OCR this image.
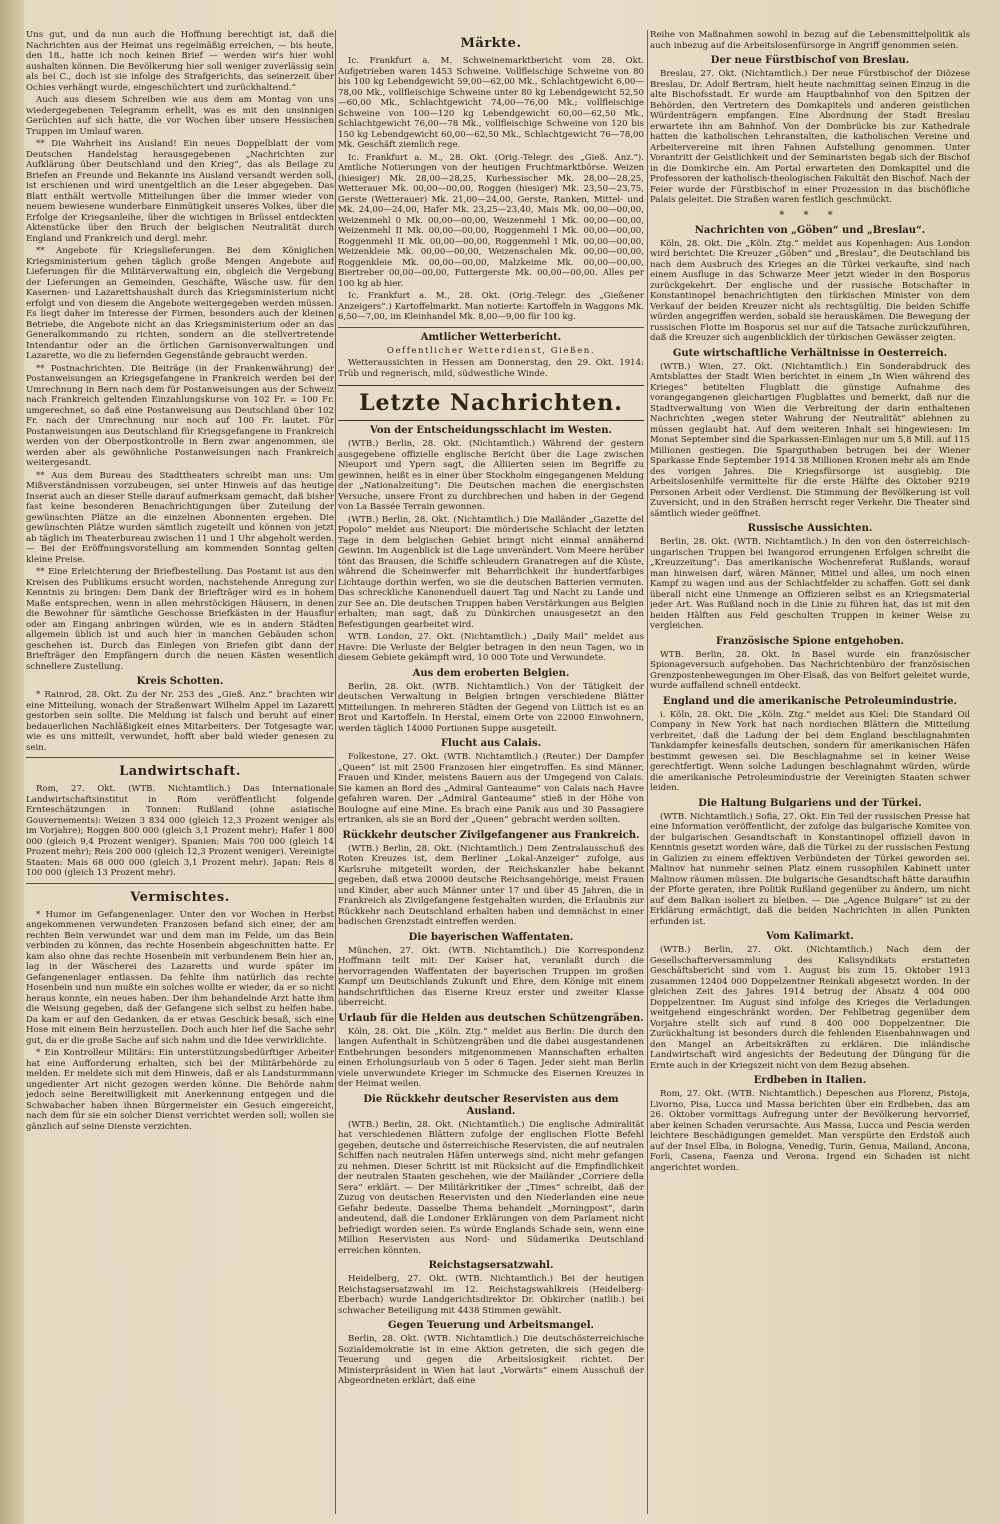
Uns gut, und da nun auch die Hoffnung berechtigt ist, daß die Nachrichten aus der Heimat uns regelmäßig erreichen, — bis heute, den 18., hatte ich noch keinen Brief — werden wir's hier wohl aushalten können. Die Bevölkerung hier soll weniger zuverlässig sein als bei C., doch ist sie infolge des Strafgerichts, das seinerzeit über Ochies verhängt wurde, eingeschüchtert und zurückhaltend.“

Auch aus diesem Schreiben wie aus dem am Montag von uns wiedergegebenen Telegramm erhellt, was es mit den unsinnigen Gerüchten auf sich hatte, die vor Wochen über unsere Hessischen Truppen im Umlauf waren.

** Die Wahrheit ins Ausland! Ein neues Doppelblatt der vom Deutschen Handelstag herausgegebenen „Nachrichten zur Aufklärung über Deutschland und den Krieg“, das als Beilage zu Briefen an Freunde und Bekannte ins Ausland versandt werden soll, ist erschienen und wird unentgeltlich an die Leser abgegeben. Das Blatt enthält wertvolle Mitteilungen über die immer wieder von neuem bewiesene wunderbare Einmütigkeit unseres Volkes, über die Erfolge der Kriegsanleihe, über die wichtigen in Brüssel entdeckten Aktenstücke über den Bruch der belgischen Neutralität durch England und Frankreich und dergl. mehr.

** Angebote für Kriegslieferungen. Bei dem Königlichen Kriegsministerium gehen täglich große Mengen Angebote auf Lieferungen für die Militärverwaltung ein, obgleich die Vergebung der Lieferungen an Gemeinden, Geschäfte, Wäsche usw. für den Kasernen- und Lazarettshaushalt durch das Kriegsministerium nicht erfolgt und von diesem die Angebote weitergegeben werden müssen. Es liegt daher im Interesse der Firmen, besonders auch der kleinen Betriebe, die Angebote nicht an das Kriegsministerium oder an das Generalkommando zu richten, sondern an die stellvertretende Intendantur oder an die örtlichen Garnisonverwaltungen und Lazarette, wo die zu liefernden Gegenstände gebraucht werden.

** Postnachrichten. Die Beiträge (in der Frankenwährung) der Postanweisungen an Kriegsgefangene in Frankreich werden bei der Umrechnung in Bern nach dem für Postanweisungen aus der Schweiz nach Frankreich geltenden Einzahlungskurse von 102 Fr. = 100 Fr. umgerechnet, so daß eine Postanweisung aus Deutschland über 102 Fr. nach der Umrechnung nur noch auf 100 Fr. lautet. Für Postanweisungen aus Deutschland für Kriegsgefangene in Frankreich werden von der Oberpostkontrolle in Bern zwar angenommen, sie werden aber als gewöhnliche Postanweisungen nach Frankreich weitergesandt.

** Aus dem Bureau des Stadttheaters schreibt man uns: Um Mißverständnissen vorzubeugen, sei unter Hinweis auf das heutige Inserat auch an dieser Stelle darauf aufmerksam gemacht, daß bisher fast keine besonderen Benachrichtigungen über Zuteilung der gewünschten Plätze an die einzelnen Abonnenten ergehen. Die gewünschten Plätze wurden sämtlich zugeteilt und können von jetzt ab täglich im Theaterbureau zwischen 11 und 1 Uhr abgeholt werden. — Bei der Eröffnungsvorstellung am kommenden Sonntag gelten kleine Preise.

** Eine Erleichterung der Briefbestellung. Das Postamt ist aus den Kreisen des Publikums ersucht worden, nachstehende Anregung zur Kenntnis zu bringen: Dem Dank der Briefträger wird es in hohem Maße entsprechen, wenn in allen mehrstöckigen Häusern, in denen die Bewohner für sämtliche Geschosse Briefkästen in der Hausflur oder am Eingang anbringen würden, wie es in andern Städten allgemein üblich ist und auch hier in manchen Gebäuden schon geschehen ist. Durch das Einlegen von Briefen gibt dann der Briefträger den Empfängern durch die neuen Kästen wesentlich schnellere Zustellung.

Kreis Schotten.

* Rainrod, 28. Okt. Zu der Nr. 253 des „Gieß. Anz.“ brachten wir eine Mitteilung, wonach der Straßenwart Wilhelm Appel im Lazarett gestorben sein sollte. Die Meldung ist falsch und beruht auf einer bedauerlichen Nachläßigkeit eines Mitarbeiters. Der Totgesagte war, wie es uns mitteilt, verwundet, hofft aber bald wieder genesen zu sein.

Landwirtschaft.

Rom, 27. Okt. (WTB. Nichtamtlich.) Das Internationale Landwirtschaftsinstitut in Rom veröffentlicht folgende Ernteschätzungen in Tonnen: Rußland (ohne asiatische Gouvernements): Weizen 3 834 000 (gleich 12,3 Prozent weniger als im Vorjahre); Roggen 800 000 (gleich 3,1 Prozent mehr); Hafer 1 800 000 (gleich 9,4 Prozent weniger). Spanien: Mais 700 000 (gleich 14 Prozent mehr); Reis 200 000 (gleich 12,3 Prozent weniger). Vereinigte Staaten: Mais 68 000 000 (gleich 3,1 Prozent mehr). Japan: Reis 8 100 000 (gleich 13 Prozent mehr).

Vermischtes.

* Humor im Gefangenenlager. Unter den vor Wochen in Herbst angekommenen verwundeten Franzosen befand sich einer, der am rechten Bein verwundet war und dem man im Felde, um das Bein verbinden zu können, das rechte Hosenbein abgeschnitten hatte. Er kam also ohne das rechte Hosenbein mit verbundenem Bein hier an, lag in der Wäscherei des Lazaretts und wurde später im Gefangenenlager entlassen. Da fehlte ihm natürlich das rechte Hosenbein und nun mußte ein solches wollte er wieder, da er so nicht heraus konnte, ein neues haben. Der ihm behandelnde Arzt hatte ihm die Weisung gegeben, daß der Gefangene sich selbst zu helfen habe. Da kam er auf den Gedanken, da er etwas Geschick besaß, sich eine Hose mit einem Bein herzustellen. Doch auch hier lief die Sache sehr gut, da er die große Sache auf sich nahm und die Idee verwirklichte.

* Ein Kontrolleur Militärs: Ein unterstützungsbedürftiger Arbeiter hat eine Aufforderung erhalten, sich bei der Militärbehörde zu melden. Er meldete sich mit dem Hinweis, daß er als Landsturmmann ungedienter Art nicht gezogen werden könne. Die Behörde nahm jedoch seine Bereitwilligkeit mit Anerkennung entgegen und die Schwabacher haben ihnen Bürgermeister ein Gesuch eingereicht, nach dem für sie ein solcher Dienst verrichtet werden soll; wollen sie gänzlich auf seine Dienste verzichten.

Märkte.

Ic. Frankfurt a. M. Schweinemarktbericht vom 28. Okt. Aufgetrieben waren 1453 Schweine. Vollfleischige Schweine von 80 bis 100 kg Lebendgewicht 59,00—62,00 Mk., Schlachtgewicht 6,00—78,00 Mk., vollfleischige Schweine unter 80 kg Lebendgewicht 52,50—60,00 Mk., Schlachtgewicht 74,00—76,00 Mk.; vollfleischige Schweine von 100—120 kg Lebendgewicht 60,00—62,50 Mk., Schlachtgewicht 76,00—78 Mk., vollfleischige Schweine von 120 bis 150 kg Lebendgewicht 60,00—62,50 Mk., Schlachtgewicht 76—78,00 Mk. Geschäft ziemlich rege.

Ic. Frankfurt a. M., 28. Okt. (Orig.-Telegr. des „Gieß. Anz.“). Amtliche Notierungen von der heutigen Fruchtmarktbörse. Weizen (hiesiger) Mk. 28,00—28,25, Kurhessischer Mk. 28,00—28,25, Wetterauer Mk. 00,00—00,00, Roggen (hiesiger) Mk. 23,50—23,75, Gerste (Wetterauer) Mk. 21,00—24,00, Gerste, Ranken, Mittel- und Mk. 24,00—24,00, Hafer Mk. 23,25—23,40, Mais Mk. 00,00—00,00, Weizenmehl 0 Mk. 00,00—00,00, Weizenmehl 1 Mk. 00,00—00,00, Weizenmehl II Mk. 00,00—00,00, Roggenmehl I Mk. 00,00—00,00, Roggenmehl II Mk. 00,00—00,00, Roggenmehl I Mk. 00,00—00,00, Weizenkleie Mk. 00,00—00,00, Weizenschalen Mk. 00,00—00,00, Roggenkleie Mk. 00,00—00,00, Malzkeime Mk. 00,00—00,00, Biertreber 00,00—00,00, Futtergerste Mk. 00,00—00,00. Alles per 100 kg ab hier.

Ic. Frankfurt a. M., 28. Okt. (Orig.-Telegr. des „Gießener Anzeigers“.) Kartoffelmarkt. Man notierte: Kartoffeln in Waggons Mk. 6,50—7,00, im Kleinhandel Mk. 8,00—9,00 für 100 kg.

Amtlicher Wetterbericht.

Oeffentlicher Wetterdienst, Gießen.

Wetteraussichten in Hessen am Donnerstag, den 29. Okt. 1914: Trüb und regnerisch, mild, südwestliche Winde.

Letzte Nachrichten.
Von der Entscheidungsschlacht im Westen.

(WTB.) Berlin, 28. Okt. (Nichtamtlich.) Während der gestern ausgegebene offizielle englische Bericht über die Lage zwischen Nieuport und Ypern sagt, die Alliierten seien im Begriffe zu gewinnen, heißt es in einer über Stockholm eingegangenen Meldung der „Nationalzeitung“: Die Deutschen machen die energischsten Versuche, unsere Front zu durchbrechen und haben in der Gegend von La Bassée Terrain gewonnen.

(WTB.) Berlin, 28. Okt. (Nichtamtlich.) Die Mailänder „Gazette del Popolo“ meldet aus Nieuport: Die mörderische Schlacht der letzten Tage in dem belgischen Gebiet bringt nicht einmal annähernd Gewinn. Im Augenblick ist die Lage unverändert. Vom Meere herüber tönt das Brausen, die Schiffe schleudern Granatregen auf die Küste, während die Scheinwerfer mit Beharrlichkeit ihr hundertfarbiges Lichtauge dorthin werfen, wo sie die deutschen Batterien vermuten. Das schreckliche Kanonenduell dauert Tag und Nacht zu Lande und zur See an. Die deutschen Truppen haben Verstärkungen aus Belgien erhalten; man sagt, daß zu Dünkirchen unausgesetzt an den Befestigungen gearbeitet wird.

WTB. London, 27. Okt. (Nichtamtlich.) „Daily Mail“ meldet aus Havre: Die Verluste der Belgier betragen in den neun Tagen, wo in diesem Gebiete gekämpft wird, 10 000 Tote und Verwundete.

Aus dem eroberten Belgien.

Berlin, 28. Okt. (WTB. Nichtamtlich.) Von der Tätigkeit der deutschen Verwaltung in Belgien bringen verschiedene Blätter Mitteilungen. In mehreren Städten der Gegend von Lüttich ist es an Brot und Kartoffeln. In Herstal, einem Orte von 22000 Einwohnern, werden täglich 14000 Portionen Suppe ausgeteilt.

Flucht aus Calais.

Folkestone, 27. Okt. (WTB. Nichtamtlich.) (Reuter.) Der Dampfer „Queen“ ist mit 2500 Franzosen hier eingetroffen. Es sind Männer, Frauen und Kinder, meistens Bauern aus der Umgegend von Calais. Sie kamen an Bord des „Admiral Ganteaume“ von Calais nach Havre gefahren waren. Der „Admiral Ganteaume“ stieß in der Höhe von Boulogne auf eine Mine. Es brach eine Panik aus und 30 Passagiere ertranken, als sie an Bord der „Queen“ gebracht werden sollten.

Rückkehr deutscher Zivilgefangener aus Frankreich.

(WTB.) Berlin, 28. Okt. (Nichtamtlich.) Dem Zentralausschuß des Roten Kreuzes ist, dem Berliner „Lokal-Anzeiger“ zufolge, aus Karlsruhe mitgeteilt worden, der Reichskanzler habe bekannt gegeben, daß etwa 20000 deutsche Reichsangehörige, meist Frauen und Kinder, aber auch Männer unter 17 und über 45 Jahren, die in Frankreich als Zivilgefangene festgehalten wurden, die Erlaubnis zur Rückkehr nach Deutschland erhalten haben und demnächst in einer badischen Grenzstadt eintreffen werden.

Die bayerischen Waffentaten.

München, 27. Okt. (WTB. Nichtamtlich.) Die Korrespondenz Hoffmann teilt mit: Der Kaiser hat, veranlaßt durch die hervorragenden Waffentaten der bayerischen Truppen im großen Kampf um Deutschlands Zukunft und Ehre, dem Könige mit einem handschriftlichen das Eiserne Kreuz erster und zweiter Klasse überreicht.

Urlaub für die Helden aus deutschen Schützengräben.

Köln, 28. Okt. Die „Köln. Ztg.“ meldet aus Berlin: Die durch den langen Aufenthalt in Schützengräben und die dabei ausgestandenen Entbehrungen besonders mitgenommenen Mannschaften erhalten einen Erholungsurlaub von 5 oder 6 Tagen. Jeder sieht man Berlin viele unverwundete Krieger im Schmucke des Eisernen Kreuzes in der Heimat weilen.

Die Rückkehr deutscher Reservisten aus dem Ausland.

(WTB.) Berlin, 28. Okt. (Nichtamtlich.) Die englische Admiralität hat verschiedenen Blättern zufolge der englischen Flotte Befehl gegeben, deutsche und österreichische Reservisten, die auf neutralen Schiffen nach neutralen Häfen unterwegs sind, nicht mehr gefangen zu nehmen. Dieser Schritt ist mit Rücksicht auf die Empfindlichkeit der neutralen Staaten geschehen, wie der Mailänder „Corriere della Sera“ erklärt. — Der Militärkritiker der „Times“ schreibt, daß der Zuzug von deutschen Reservisten und den Niederlanden eine neue Gefahr bedeute. Dasselbe Thema behandelt „Morningpost“, darin andeutend, daß die Londoner Erklärungen von dem Parlament nicht befriedigt worden seien. Es würde Englands Schade sein, wenn eine Million Reservisten aus Nord- und Südamerika Deutschland erreichen könnten.

Reichstagsersatzwahl.

Heidelberg, 27. Okt. (WTB. Nichtamtlich.) Bei der heutigen Reichstagsersatzwahl im 12. Reichstagswahlkreis (Heidelberg-Eberbach) wurde Landgerichtsdirektor Dr. Obkircher (natlib.) bei schwacher Beteiligung mit 4438 Stimmen gewählt.

Gegen Teuerung und Arbeitsmangel.

Berlin, 28. Okt. (WTB. Nichtamtlich.) Die deutschösterreichische Sozialdemokratie ist in eine Aktion getreten, die sich gegen die Teuerung und gegen die Arbeitslosigkeit richtet. Der Ministerpräsident in Wien hat laut „Vorwärts“ einem Ausschuß der Abgeordneten erklärt, daß eine

Reihe von Maßnahmen sowohl in bezug auf die Lebensmittelpolitik als auch inbezug auf die Arbeitslosenfürsorge in Angriff genommen seien.

Der neue Fürstbischof von Breslau.

Breslau, 27. Okt. (Nichtamtlich.) Der neue Fürstbischof der Diözese Breslau, Dr. Adolf Bertram, hielt heute nachmittag seinen Einzug in die alte Bischofsstadt. Er wurde am Hauptbahnhof von den Spitzen der Behörden, den Vertretern des Domkapitels und anderen geistlichen Würdenträgern empfangen. Eine Abordnung der Stadt Breslau erwartete ihn am Bahnhof. Von der Dombrücke bis zur Kathedrale hatten die katholischen Lehranstalten, die katholischen Vereine und Arbeitervereine mit ihren Fahnen Aufstellung genommen. Unter Vorantritt der Geistlichkeit und der Seminaristen begab sich der Bischof in die Domkirche ein. Am Portal erwarteten den Domkapitel und die Professoren der katholisch-theologischen Fakultät den Bischof. Nach der Feier wurde der Fürstbischof in einer Prozession in das bischöfliche Palais geleitet. Die Straßen waren festlich geschmückt.

* * *
Nachrichten von „Göben“ und „Breslau“.

Köln, 28. Okt. Die „Köln. Ztg.“ meldet aus Kopenhagen: Aus London wird berichtet: Die Kreuzer „Göben“ und „Breslau“, die Deutschland bis nach dem Ausbruch des Krieges an die Türkei verkaufte, sind nach einem Ausfluge in das Schwarze Meer jetzt wieder in den Bosporus zurückgekehrt. Der englische und der russische Botschafter in Konstantinopel benachrichtigten den türkischen Minister von dem Verkauf der beiden Kreuzer nicht als rechtsgültig. Die beiden Schiffe würden angegriffen werden, sobald sie herauskämen. Die Bewegung der russischen Flotte im Bosporus sei nur auf die Tatsache zurückzuführen, daß die Kreuzer sich augenblicklich der türkischen Gewässer zeigten.

Gute wirtschaftliche Verhältnisse in Oesterreich.

(WTB.) Wien, 27. Okt. (Nichtamtlich.) Ein Sonderabdruck des Amtsblattes der Stadt Wien berichtet in einem „In Wien während des Krieges“ betitelten Flugblatt die günstige Aufnahme des vorangegangenen gleichartigen Flugblattes und bemerkt, daß nur die Stadtverwaltung von Wien die Verbreitung der darin enthaltenen Nachrichten „wegen steter Wahrung der Neutralität“ ablehnen zu müssen geglaubt hat. Auf dem weiteren Inhalt sei hingewiesen: Im Monat September sind die Sparkassen-Einlagen nur um 5,8 Mill. auf 115 Millionen gestiegen. Die Sparguthaben betrugen bei der Wiener Sparkasse Ende September 1914 38 Millionen Kronen mehr als am Ende des vorigen Jahres. Die Kriegsfürsorge ist ausgiebig. Die Arbeitslosenhilfe vermittelte für die erste Hälfte des Oktober 9219 Personen Arbeit oder Verdienst. Die Stimmung der Bevölkerung ist voll Zuversicht, und in den Straßen herrscht reger Verkehr. Die Theater sind sämtlich wieder geöffnet.

Russische Aussichten.

Berlin, 28. Okt. (WTB. Nichtamtlich.) In den von den österreichisch-ungarischen Truppen bei Iwangorod errungenen Erfolgen schreibt die „Kreuzzeitung“: Das amerikanische Wochenreferat Rußlands, worauf man hinweisen darf, wären Männer, Mittel und alles, um noch einen Kampf zu wagen und aus der Schlachtfelder zu schaffen. Gott sei dank überall nicht eine Unmenge an Offizieren selbst es an Kriegsmaterial jeder Art. Was Rußland noch in die Linie zu führen hat, das ist mit den beiden Hälften aus Feld geschulten Truppen in keiner Weise zu vergleichen.

Französische Spione entgehoben.

WTB. Berlin, 28. Okt. In Basel wurde ein französischer Spionageversuch aufgehoben. Das Nachrichtenbüro der französischen Grenzpostenbewegungen im Ober-Elsaß, das von Belfort geleitet wurde, wurde auffallend schnell entdeckt.

England und die amerikanische Petroleumindustrie.

i. Köln, 28. Okt. Die „Köln. Ztg.“ meldet aus Kiel: Die Standard Oil Company in New York hat nach nordischen Blättern die Mitteilung verbreitet, daß die Ladung der bei dem England beschlagnahmten Tankdampfer keinesfalls deutschen, sondern für amerikanischen Häfen bestimmt gewesen sei. Die Beschlagnahme sei in keiner Weise gerechtfertigt. Wenn solche Ladungen beschlagnahmt würden, würde die amerikanische Petroleumindustrie der Vereinigten Staaten schwer leiden.

Die Haltung Bulgariens und der Türkei.

(WTB. Nichtamtlich.) Sofia, 27. Okt. Ein Teil der russischen Presse hat eine Information veröffentlicht, der zufolge das bulgarische Komitee von der bulgarischen Gesandtschaft in Konstantinopel offiziell davon in Kenntnis gesetzt worden wäre, daß die Türkei zu der russischen Festung in Galizien zu einem effektiven Verbündeten der Türkei geworden sei. Malinov hat nunmehr seinen Platz einem russophilen Kabinett unter Malinow räumen müssen. Die bulgarische Gesandtschaft hätte daraufhin der Pforte geraten, ihre Politik Rußland gegenüber zu ändern, um nicht auf dem Balkan isoliert zu bleiben. — Die „Agence Bulgare“ ist zu der Erklärung ermächtigt, daß die beiden Nachrichten in allen Punkten erfunden ist.

Vom Kalimarkt.

(WTB.) Berlin, 27. Okt. (Nichtamtlich.) Nach dem der Gesellschafterversammlung des Kalisyndikats erstatteten Geschäftsbericht sind vom 1. August bis zum 15. Oktober 1913 zusammen 12404 000 Doppelzentner Reinkali abgesetzt worden. In der gleichen Zeit des Jahres 1914 betrug der Absatz 4 004 000 Doppelzentner. Im August sind infolge des Krieges die Verladungen weitgehend eingeschränkt worden. Der Fehlbetrag gegenüber dem Vorjahre stellt sich auf rund 8 400 000 Doppelzentner. Die Zurückhaltung ist besonders durch die fehlenden Eisenbahnwagen und den Mangel an Arbeitskräften zu erklären. Die inländische Landwirtschaft wird angesichts der Bedeutung der Düngung für die Ernte auch in der Kriegszeit nicht von dem Bezug absehen.

Erdbeben in Italien.

Rom, 27. Okt. (WTB. Nichtamtlich.) Depeschen aus Florenz, Pistoja, Livorno, Pisa, Lucca und Massa berichten über ein Erdbeben, das am 26. Oktober vormittags Aufregung unter der Bevölkerung hervorrief, aber keinen Schaden verursachte. Aus Massa, Lucca und Pescia werden leichtere Beschädigungen gemeldet. Man verspürte den Erdstoß auch auf der Insel Elba, in Bologna, Venedig, Turin, Genua, Mailand, Ancona, Forli, Casena, Faenza und Verona. Irgend ein Schaden ist nicht angerichtet worden.
